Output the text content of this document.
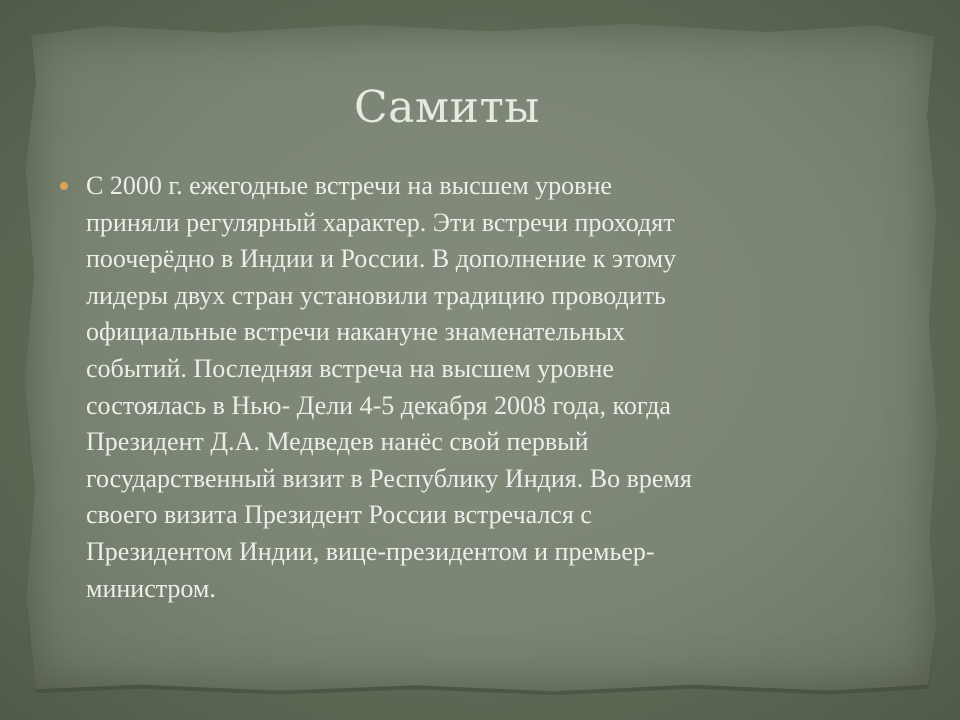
Самиты
С 2000 г. ежегодные встречи на высшем уровне
приняли регулярный характер. Эти встречи проходят
поочерёдно в Индии и России. В дополнение к этому
лидеры двух стран установили традицию проводить
официальные встречи накануне знаменательных
событий. Последняя встреча на высшем уровне
состоялась в Нью- Дели 4-5 декабря 2008 года, когда
Президент Д.А. Медведев нанёс свой первый
государственный визит в Республику Индия. Во время
своего визита Президент России встречался с
Президентом Индии, вице-президентом и премьер-
министром.
